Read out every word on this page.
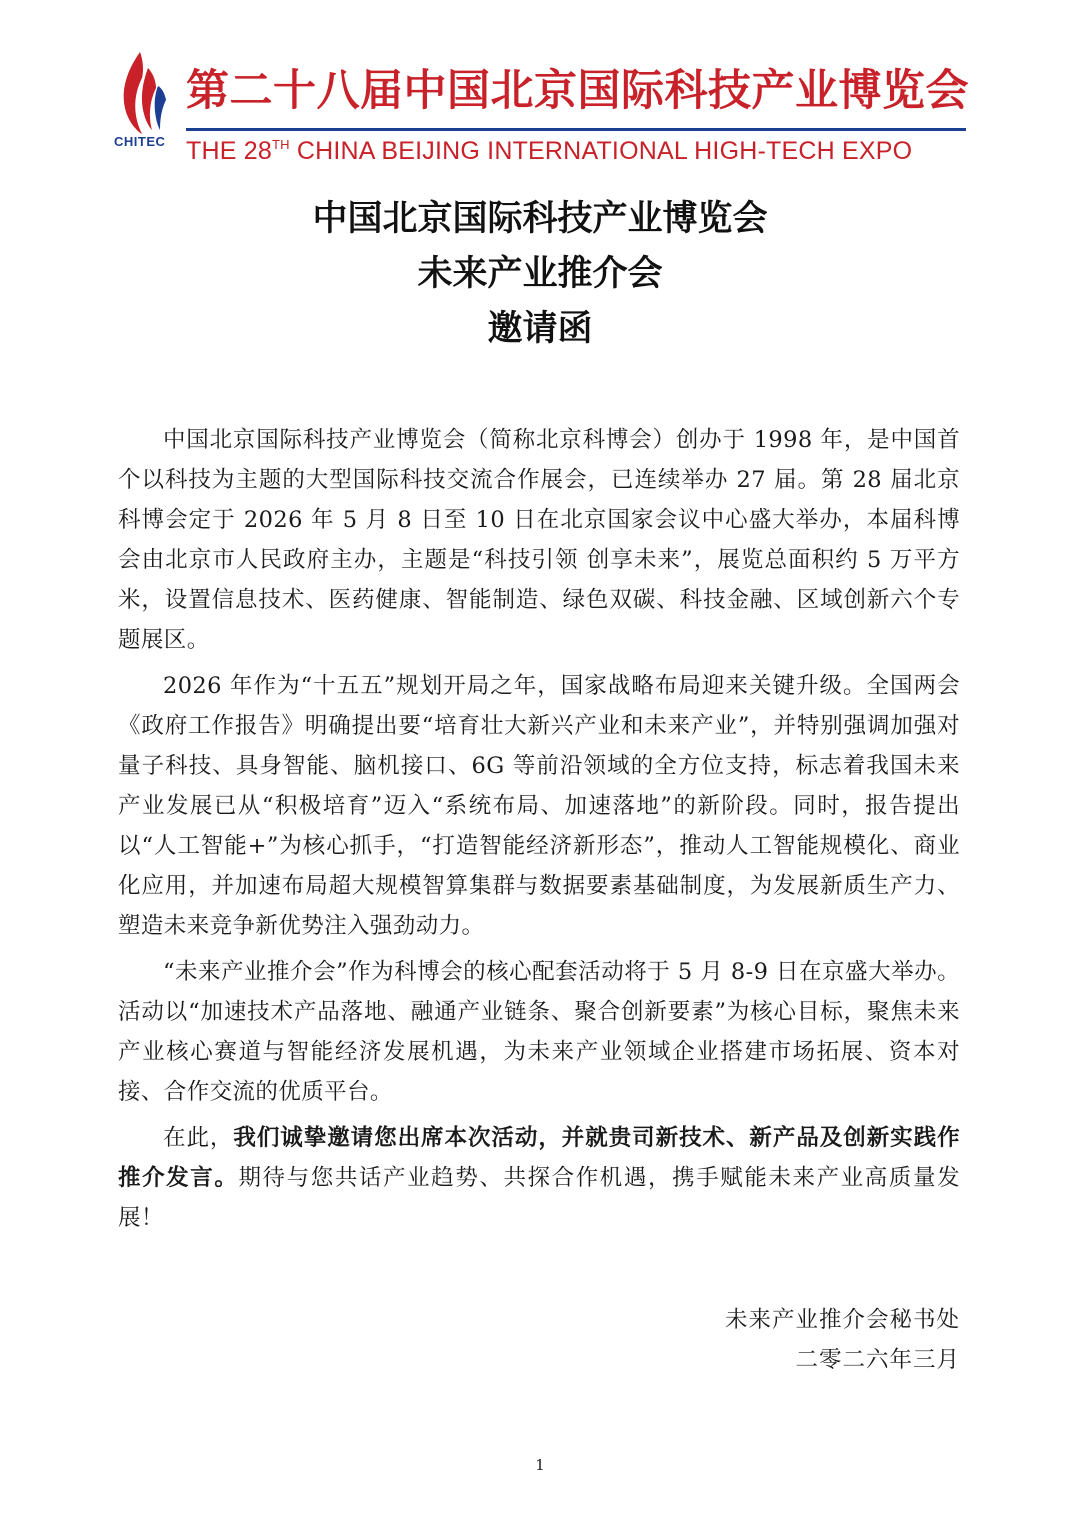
CHITEC
第二十八届中国北京国际科技产业博览会
THE 28TH CHINA BEIJING INTERNATIONAL HIGH-TECH EXPO
中国北京国际科技产业博览会
未来产业推介会
邀请函

中国北京国际科技产业博览会（简称北京科博会）创办于 1998 年，是中国首个以科技为主题的大型国际科技交流合作展会，已连续举办 27 届。第 28 届北京科博会定于 2026 年 5 月 8 日至 10 日在北京国家会议中心盛大举办，本届科博会由北京市人民政府主办，主题是“科技引领 创享未来”，展览总面积约 5 万平方米，设置信息技术、医药健康、智能制造、绿色双碳、科技金融、区域创新六个专题展区。

2026 年作为“十五五”规划开局之年，国家战略布局迎来关键升级。全国两会《政府工作报告》明确提出要“培育壮大新兴产业和未来产业”，并特别强调加强对量子科技、具身智能、脑机接口、6G 等前沿领域的全方位支持，标志着我国未来产业发展已从“积极培育”迈入“系统布局、加速落地”的新阶段。同时，报告提出以“人工智能+”为核心抓手，“打造智能经济新形态”，推动人工智能规模化、商业化应用，并加速布局超大规模智算集群与数据要素基础制度，为发展新质生产力、塑造未来竞争新优势注入强劲动力。

“未来产业推介会”作为科博会的核心配套活动将于 5 月 8-9 日在京盛大举办。活动以“加速技术产品落地、融通产业链条、聚合创新要素”为核心目标，聚焦未来产业核心赛道与智能经济发展机遇，为未来产业领域企业搭建市场拓展、资本对接、合作交流的优质平台。

在此，我们诚挚邀请您出席本次活动，并就贵司新技术、新产品及创新实践作推介发言。期待与您共话产业趋势、共探合作机遇，携手赋能未来产业高质量发展！

未来产业推介会秘书处
二零二六年三月
1
